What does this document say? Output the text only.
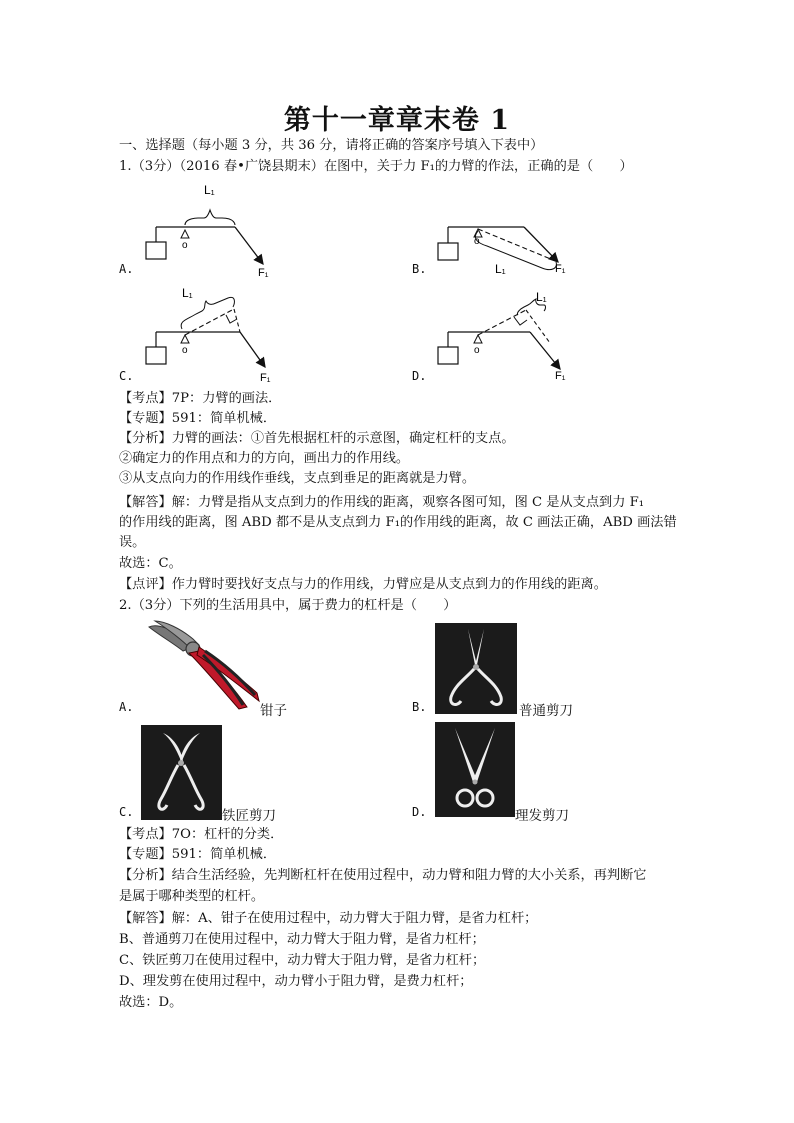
第十一章章末卷 1
一、选择题（每小题 3 分，共 36 分，请将正确的答案序号填入下表中）
1.（3分）（2016 春•广饶县期末）在图中，关于力 F₁的力臂的作法，正确的是（　　）
o
L₁
F₁
A.
o
L₁	F₁
B.
o
L₁
F₁
C.
o
L₁
F₁
D.
【考点】7P：力臂的画法．
【专题】591：简单机械．
【分析】力臂的画法：①首先根据杠杆的示意图，确定杠杆的支点。
②确定力的作用点和力的方向，画出力的作用线。
③从支点向力的作用线作垂线，支点到垂足的距离就是力臂。
【解答】解：力臂是指从支点到力的作用线的距离，观察各图可知，图 C 是从支点到力 F₁
的作用线的距离，图 ABD 都不是从支点到力 F₁的作用线的距离，故 C 画法正确，ABD 画法错
误。
故选：C。
【点评】作力臂时要找好支点与力的作用线，力臂应是从支点到力的作用线的距离。
2.（3分）下列的生活用具中，属于费力的杠杆是（　　）
A.	钳子	B.	普通剪刀
C.	铁匠剪刀	D.	理发剪刀
【考点】7O：杠杆的分类．
【专题】591：简单机械．
【分析】结合生活经验，先判断杠杆在使用过程中，动力臂和阻力臂的大小关系，再判断它
是属于哪种类型的杠杆。
【解答】解：A、钳子在使用过程中，动力臂大于阻力臂，是省力杠杆；
B、普通剪刀在使用过程中，动力臂大于阻力臂，是省力杠杆；
C、铁匠剪刀在使用过程中，动力臂大于阻力臂，是省力杠杆；
D、理发剪在使用过程中，动力臂小于阻力臂，是费力杠杆；
故选：D。
